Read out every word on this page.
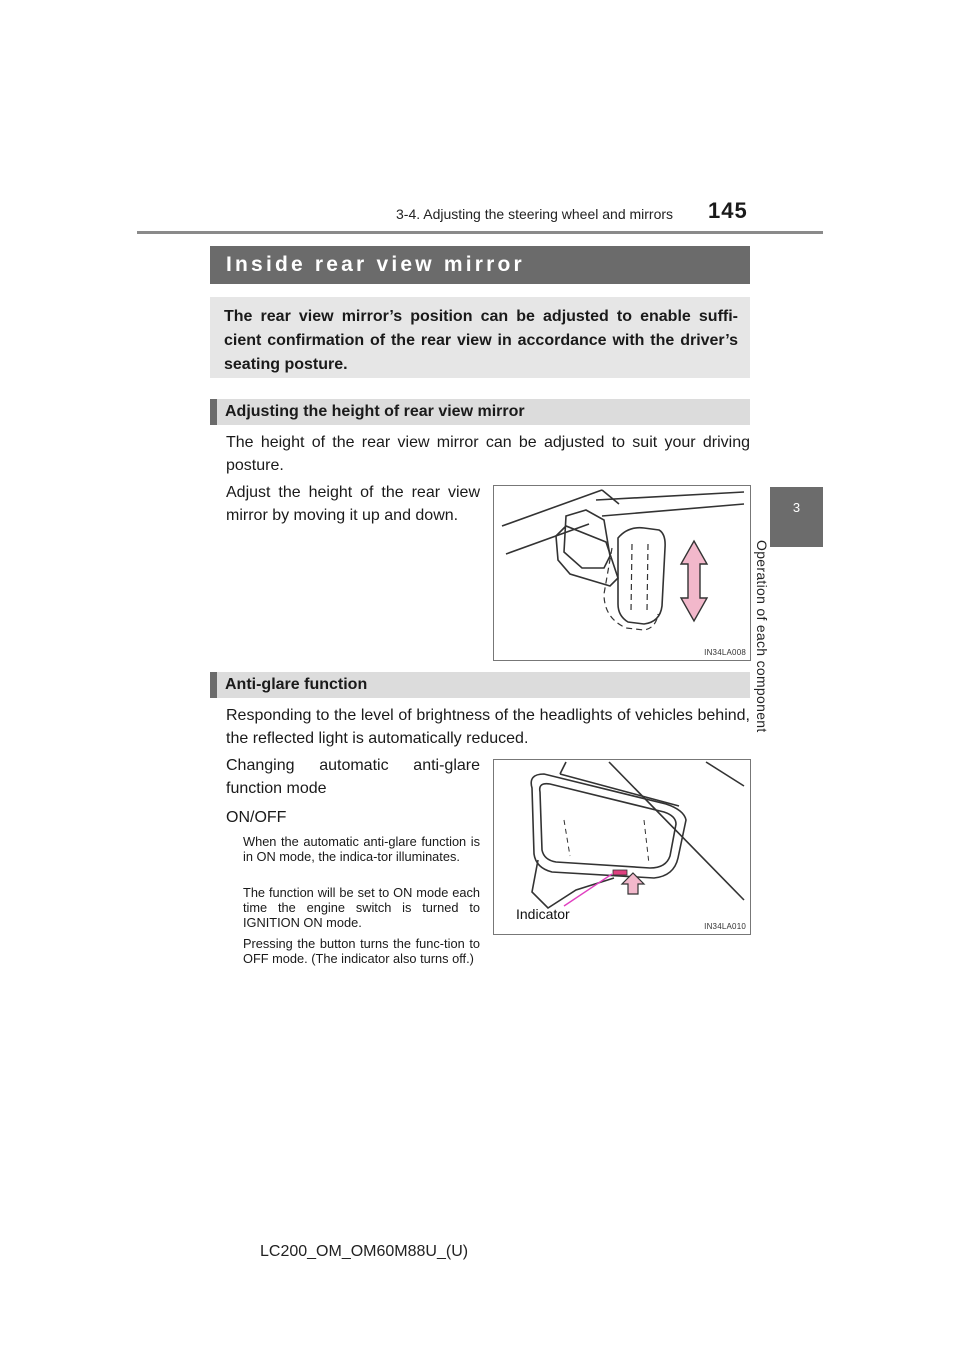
3-4. Adjusting the steering wheel and mirrors 145
3
Operation of each component
Inside rear view mirror
The rear view mirror’s position can be adjusted to enable suffi-cient confirmation of the rear view in accordance with the driver’s seating posture.
Adjusting the height of rear view mirror
The height of the rear view mirror can be adjusted to suit your driving posture.
Adjust the height of the rear view mirror by moving it up and down.
IN34LA008
Anti-glare function
Responding to the level of brightness of the headlights of vehicles behind, the reflected light is automatically reduced.
Changing automatic anti-glare function mode
ON/OFF
When the automatic anti-glare function is in ON mode, the indica-tor illuminates.
The function will be set to ON mode each time the engine switch is turned to IGNITION ON mode.
Pressing the button turns the func-tion to OFF mode. (The indicator also turns off.)
Indicator
IN34LA010
LC200_OM_OM60M88U_(U)
